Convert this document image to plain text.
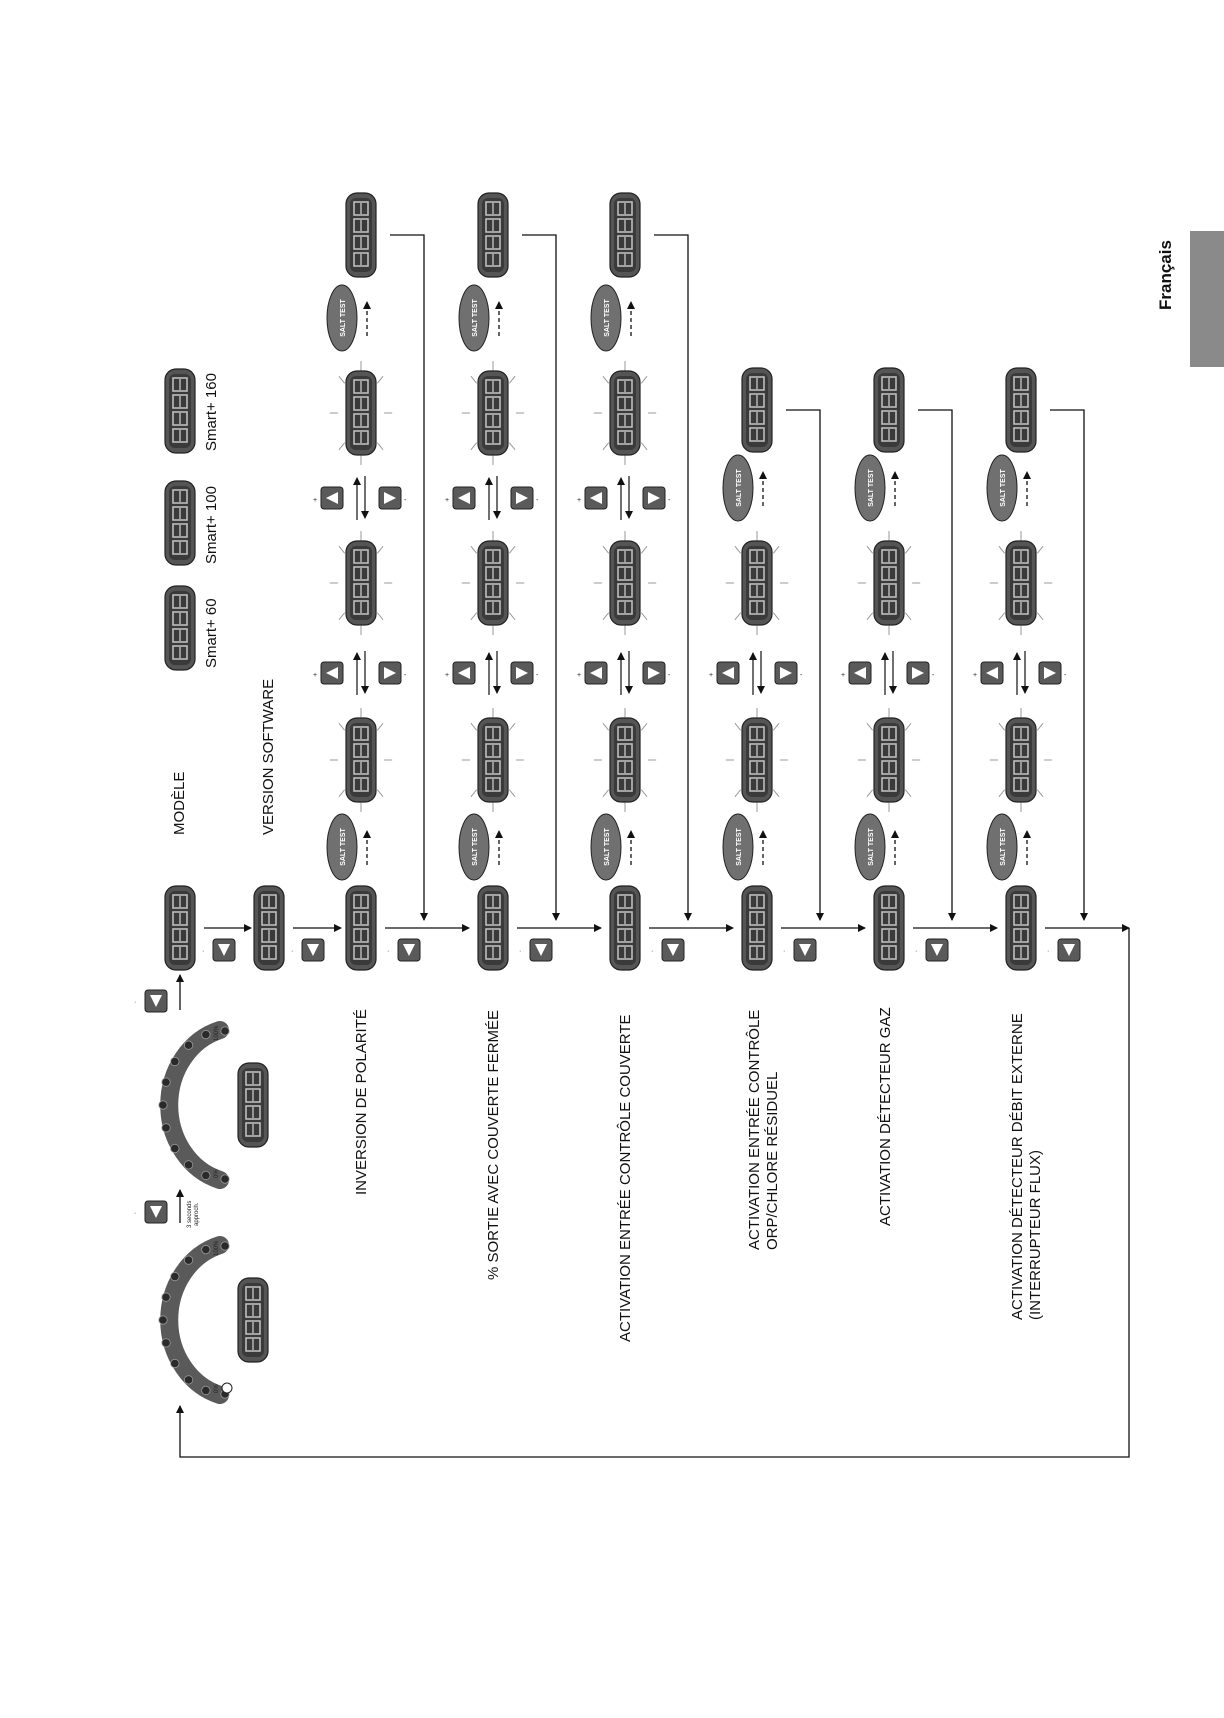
Français
·
·
·	·
SALT TEST
+	-
+	-
SALT TEST
·
SALT TEST
+	-
+	-
SALT TEST
·
SALT TEST
+	-
+	-
SALT TEST
·
SALT TEST
+	-
SALT TEST
·
SALT TEST
+	-
SALT TEST
·
SALT TEST
+	-
SALT TEST
·
MODÈLE	VERSION SOFTWARE
Smart+ 60
Smart+ 100
Smart+ 160
3 seconds approch.
0%
100%
0%
100%	INVERSION DE POLARITÉ	% SORTIE AVEC COUVERTE FERMÉE	ACTIVATION ENTRÉE CONTRÔLE COUVERTE	ACTIVATION ENTRÉE CONTRÔLE ORP/CHLORE RÉSIDUEL	ACTIVATION DÉTECTEUR GAZ	ACTIVATION DÉTECTEUR DÉBIT EXTERNE (INTERRUPTEUR FLUX)
